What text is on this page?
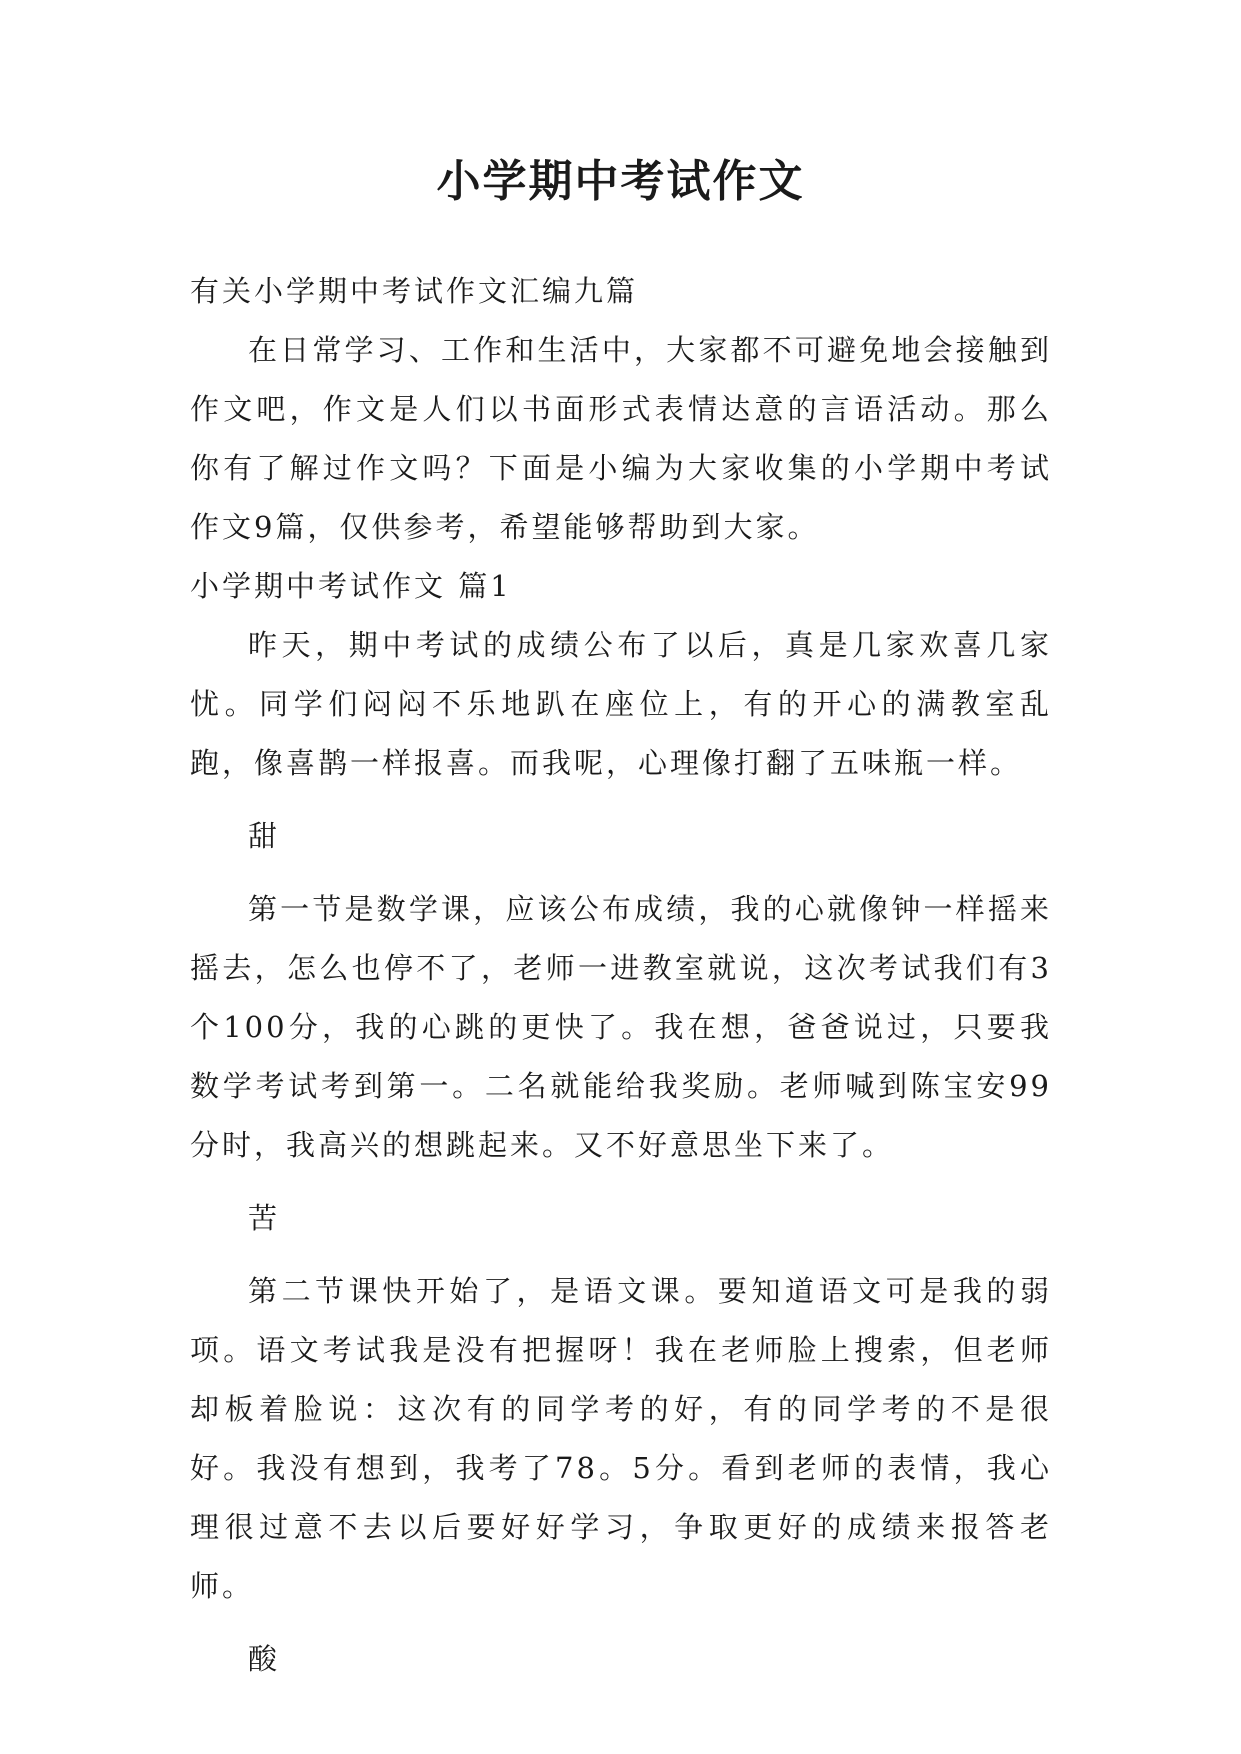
小学期中考试作文

有关小学期中考试作文汇编九篇

在日常学习、工作和生活中，大家都不可避免地会接触到作文吧，作文是人们以书面形式表情达意的言语活动。那么你有了解过作文吗？下面是小编为大家收集的小学期中考试作文9篇，仅供参考，希望能够帮助到大家。

小学期中考试作文 篇1

昨天，期中考试的成绩公布了以后，真是几家欢喜几家忧。同学们闷闷不乐地趴在座位上，有的开心的满教室乱跑，像喜鹊一样报喜。而我呢，心理像打翻了五味瓶一样。

甜

第一节是数学课，应该公布成绩，我的心就像钟一样摇来摇去，怎么也停不了，老师一进教室就说，这次考试我们有3个100分，我的心跳的更快了。我在想，爸爸说过，只要我数学考试考到第一。二名就能给我奖励。老师喊到陈宝安99分时，我高兴的想跳起来。又不好意思坐下来了。

苦

第二节课快开始了，是语文课。要知道语文可是我的弱项。语文考试我是没有把握呀！我在老师脸上搜索，但老师却板着脸说：这次有的同学考的好，有的同学考的不是很好。我没有想到，我考了78。5分。看到老师的表情，我心理很过意不去以后要好好学习，争取更好的成绩来报答老师。

酸
